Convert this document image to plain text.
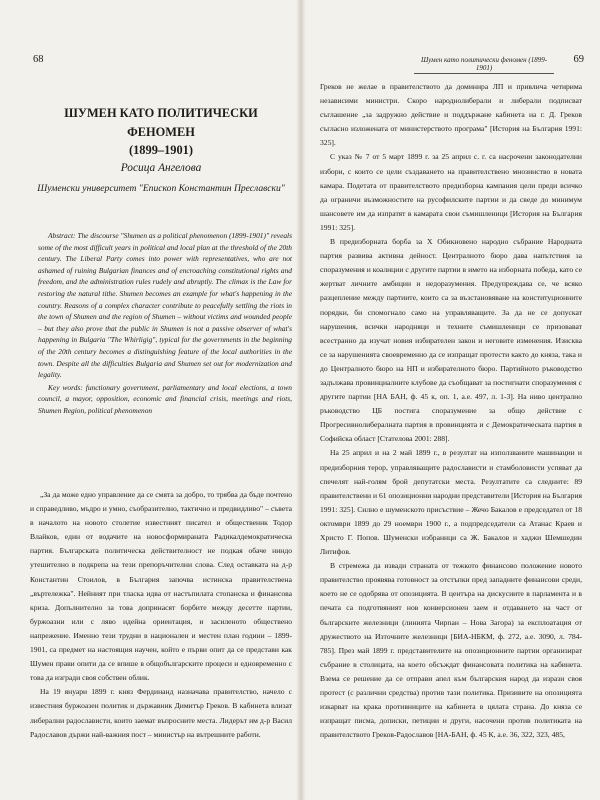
68
ШУМЕН КАТО ПОЛИТИЧЕСКИ ФЕНОМЕН
(1899–1901)
Росица Ангелова
Шуменски университет "Епископ Константин Преславски"

Abstract: The discourse "Shumen as a political phenomenon (1899-1901)" reveals some of the most difficult years in political and local plan at the threshold of the 20th century. The Liberal Party comes into power with representatives, who are not ashamed of ruining Bulgarian finances and of encroaching constitutional rights and freedom, and the administration rules rudely and abruptly. The climax is the Law for restoring the natural tithe. Shumen becomes an example for what's happening in the country. Reasons of a complex character contribute to peacefully settling the riots in the town of Shumen and the region of Shumen – without victims and wounded people – but they also prove that the public in Shumen is not a passive observer of what's happening in Bulgaria "The Whirligig", typical for the governments in the beginning of the 20th century becomes a distinguishing feature of the local authorities in the town. Despite all the difficulties Bulgaria and Shumen set out for modernization and legality.

Key words: functionary government, parliamentary and local elections, a town council, a mayor, opposition, economic and financial crisis, meetings and riots, Shumen Region, political phenomenon

„За да може едно управление да се смята за добро, то трябва да бъде почтено и справедливо, мъдро и умно, съобразително, тактично и предвидливо" – съвета в началото на новото столетие известният писател и общественик Тодор Влайков, един от водачите на новосформираната Радикалдемократическа партия. Българската политическа действителност не подкая обаче ниндо утешително в подкрепа на тези препоръчителни слова. След оставката на д-р Константин Стоилов, в България започва истинска правителствена „въртележка". Нейният при тласка идва от настъпилата стопанска и финансова криза. Допълнително за това допринасят борбите между десетте партии, буржоазни или с ляво идейна ориентация, и засиленото обществено напрежение. Именно тези трудни в национален и местен план години – 1899-1901, са предмет на настоящия научен, който е първи опит да се представи как Шумен прави опити да се впише в общобългарските процеси и едновременно с това да изгради своя собствен облик.

На 19 януари 1899 г. княз Фердинанд назначава правителство, начело с известния буржоазен политик и държавник Димитър Греков. В кабинета влизат либерални радослависти, които заемат въпросните места. Лидерът им д-р Васил Радославов държи най-важния пост – министър на вътрешните работи.

Шумен като политически феномен (1899-1901)
69

Греков не желае в правителството да доминира ЛП и привлича четирима независими министри. Скоро народнолиберали и либерали подписват съглашение „за задружно действие и поддържане кабинета на г. Д. Греков съгласно изложената от министерството програма" [История на България 1991: 325].

С указ № 7 от 5 март 1899 г. за 25 април с. г. са насрочени законодателни избори, с които се цели създаването на правителствено мнозинство в новата камара. Подетата от правителството предизборна кампания цели преди всичко да ограничи възможностите на русофилските партии и да сведе до минимум шансовете им да изпратят в камарата свои съмишленици [История на България 1991: 325].

В предизборната борба за Х Обикновено народно събрание Народната партия развива активна дейност. Централното бюро дава напътствия за споразумения и коалиции с другите партии в името на изборната победа, като се жертват личните амбиции и недоразумения. Предупреждава се, че всяко разцепление между партиите, които са за възстановяване на конституционните порядки, би спомогнало само на управляващите. За да не се допускат нарушения, всички народняци и техните съмишленици се призовават всестранно да изучат новия избирателен закон и неговите изменения. Изисква се за нарушенията своевременно да се изпращат протести както до княза, така и до Централното бюро на НП и избирателното бюро. Партийното ръководство задължава провинциалните клубове да съобщават за постигнати споразумения с другите партии [НА БАН, ф. 45 к, оп. 1, а.е. 497, л. 1-3]. На ниво централно ръководство ЦБ постига споразумение за общо действие с Прогресивнолибералната партия в провинцията и с Демократическата партия в Софийска област [Стателова 2001: 288].

На 25 април и на 2 май 1899 г., в резултат на използваните машинации и предизборния терор, управляващите радослависти и стамболовисти успяват да спечелят най-голям брой депутатски места. Резултатите са следните: 89 правителствени и 61 опозиционни народни представители [История на България 1991: 325]. Силно е шуменското присъствие – Жечо Бакалов е председател от 18 октомври 1899 до 29 ноември 1900 г., а подпредседатели са Атанас Краев и Христо Г. Попов. Шуменски избраници са Ж. Бакалов и хаджи Шемшедин Литифов.

В стремежа да извади страната от тежкото финансово положение новото правителство проявява готовност за отстъпки пред западните финансови среди, което не се одобрява от опозицията. В центъра на дискусиите в парламента и в печата са подготвяният нов конверсионен заем и отдаването на част от българските железници (линията Чирпан – Нова Загора) за експлоатация от дружеството на Източните железници [БИА-НБКМ, ф. 272, а.е. 3090, л. 784-785]. През май 1899 г. представителите на опозиционните партии организират събрание в столицата, на което обсъждат финансовата политика на кабинета. Взема се решение да се отправи апел към българския народ да изрази своя протест (с различни средства) против тази политика. Призивите на опозицията изкарват на крака противниците на кабинета в цялата страна. До княза се изпращат писма, дописки, петиции и други, насочени против политиката на правителството Греков-Радославов [НА-БАН, ф. 45 К, а.е. 36, 322, 323, 485,
